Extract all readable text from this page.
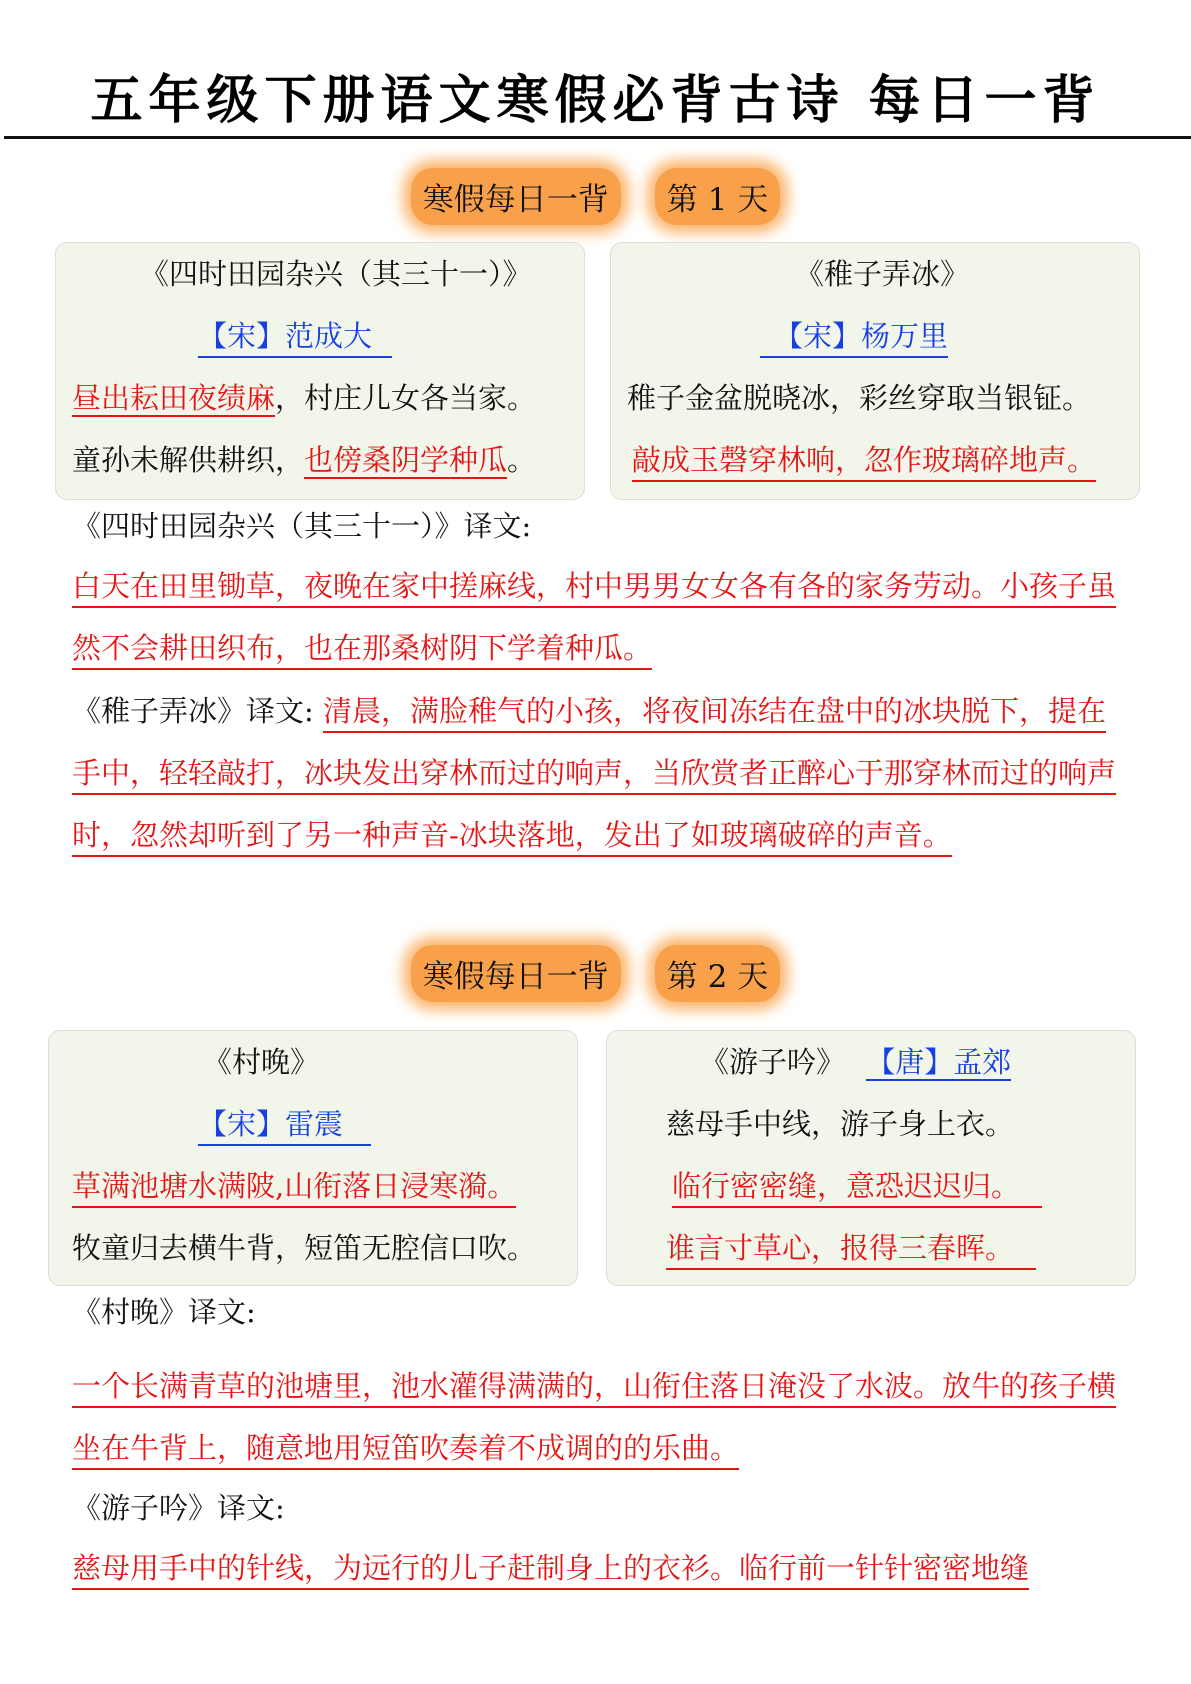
五年级下册语文寒假必背古诗 每日一背
寒假每日一背	第 1 天
《四时田园杂兴（其三十一）》
【宋】范成大
昼出耘田夜绩麻，村庄儿女各当家。
童孙未解供耕织，也傍桑阴学种瓜。
《稚子弄冰》
【宋】杨万里
稚子金盆脱晓冰，彩丝穿取当银钲。
敲成玉磬穿林响，忽作玻璃碎地声。
《四时田园杂兴（其三十一）》译文:
白天在田里锄草，夜晚在家中搓麻线，村中男男女女各有各的家务劳动。小孩子虽然不会耕田织布，也在那桑树阴下学着种瓜。
《稚子弄冰》译文: 清晨，满脸稚气的小孩，将夜间冻结在盘中的冰块脱下，提在手中，轻轻敲打，冰块发出穿林而过的响声，当欣赏者正醉心于那穿林而过的响声时，忽然却听到了另一种声音-冰块落地，发出了如玻璃破碎的声音。
寒假每日一背	第 2 天
《村晚》
【宋】雷震
草满池塘水满陂,山衔落日浸寒漪。
牧童归去横牛背，短笛无腔信口吹。
《游子吟》 【唐】孟郊
慈母手中线，游子身上衣。
临行密密缝，意恐迟迟归。
谁言寸草心，报得三春晖。
《村晚》译文:
一个长满青草的池塘里，池水灌得满满的，山衔住落日淹没了水波。放牛的孩子横坐在牛背上，随意地用短笛吹奏着不成调的的乐曲。
《游子吟》译文:
慈母用手中的针线，为远行的儿子赶制身上的衣衫。临行前一针针密密地缝
